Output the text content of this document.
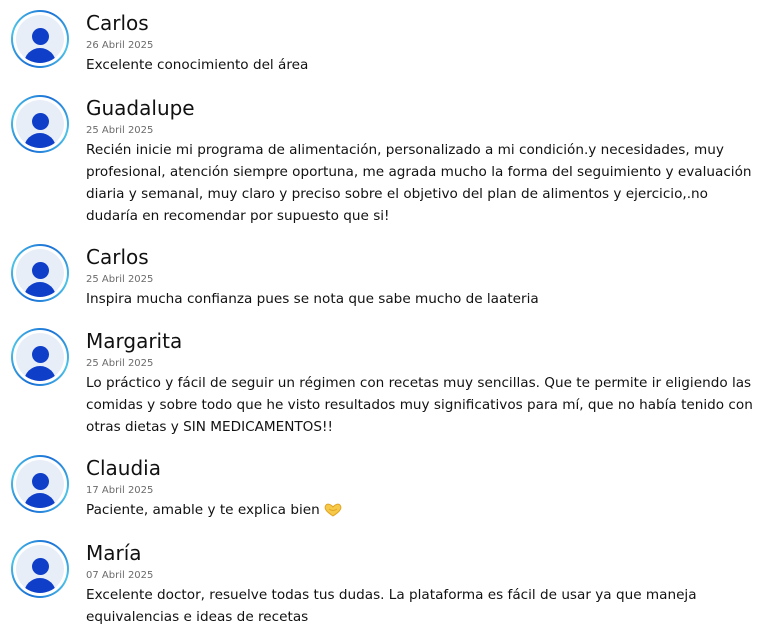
Carlos
26 Abril 2025
Excelente conocimiento del área
Guadalupe
25 Abril 2025
Recién inicie mi programa de alimentación, personalizado a mi condición.y necesidades, muy profesional, atención siempre oportuna, me agrada mucho la forma del seguimiento y evaluación diaria y semanal, muy claro y preciso sobre el objetivo del plan de alimentos y ejercicio,.no dudaría en recomendar por supuesto que si!
Carlos
25 Abril 2025
Inspira mucha confianza pues se nota que sabe mucho de laateria
Margarita
25 Abril 2025
Lo práctico y fácil de seguir un régimen con recetas muy sencillas. Que te permite ir eligiendo las comidas y sobre todo que he visto resultados muy significativos para mí, que no había tenido con otras dietas y SIN MEDICAMENTOS!!
Claudia
17 Abril 2025
Paciente, amable y te explica bien
María
07 Abril 2025
Excelente doctor, resuelve todas tus dudas. La plataforma es fácil de usar ya que maneja equivalencias e ideas de recetas
